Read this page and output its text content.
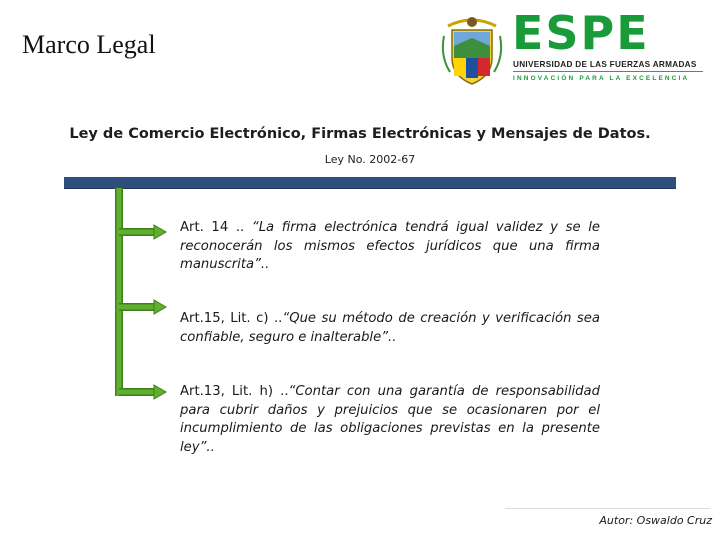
Marco Legal	ESPE
UNIVERSIDAD DE LAS FUERZAS ARMADAS
INNOVACIÓN PARA LA EXCELENCIA
Ley de Comercio Electrónico, Firmas Electrónicas y Mensajes de Datos.
Ley No. 2002-67
Art. 14 .. “La firma electrónica tendrá igual validez y se le reconocerán los mismos efectos jurídicos que una firma manuscrita”..
Art.15, Lit. c) ..“Que su método de creación y verificación sea confiable, seguro e inalterable”..
Art.13, Lit. h) ..“Contar con una garantía de responsabilidad para cubrir daños y prejuicios que se ocasionaren por el incumplimiento de las obligaciones previstas en la presente ley”..
Autor: Oswaldo Cruz
